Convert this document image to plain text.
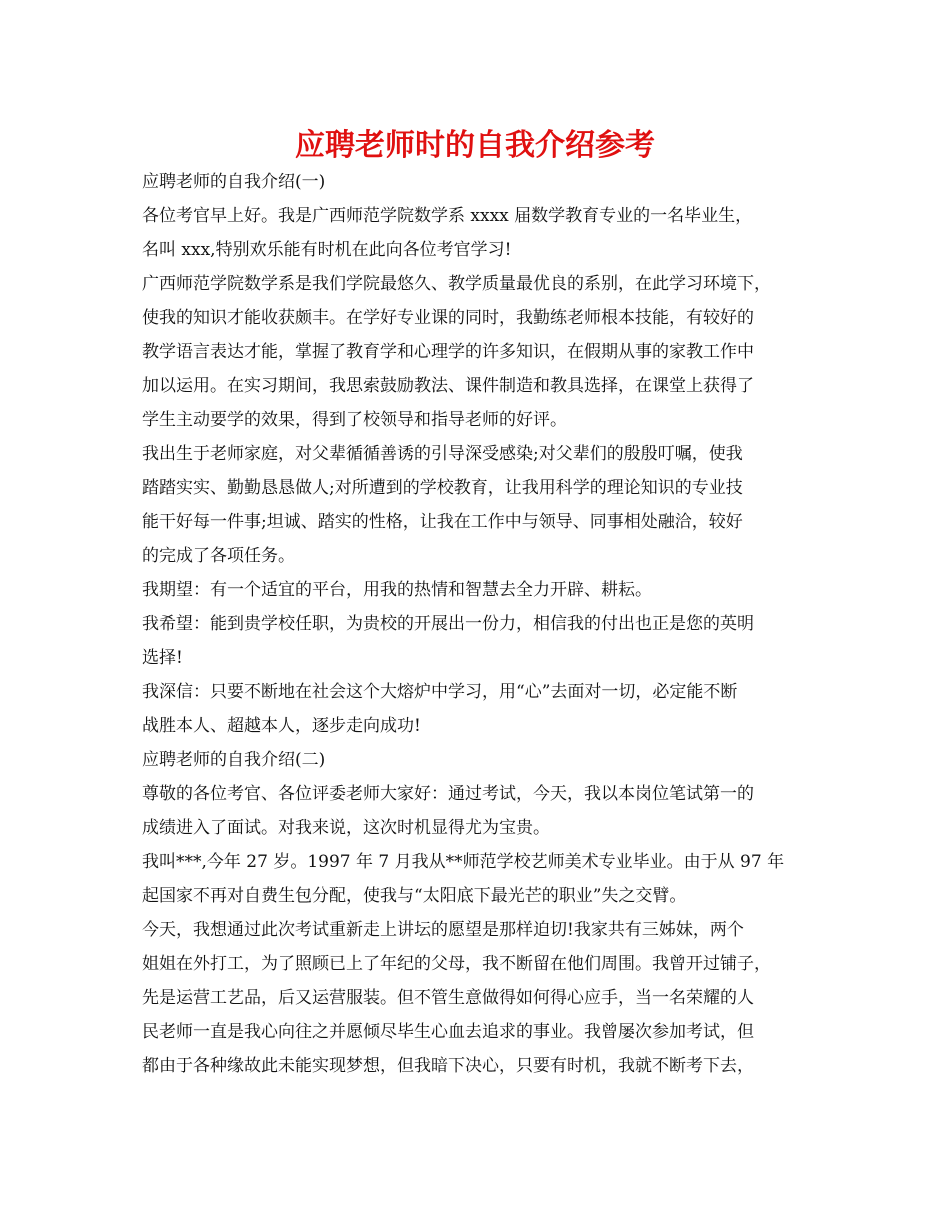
应聘老师时的自我介绍参考

应聘老师的自我介绍(一)

各位考官早上好。我是广西师范学院数学系 xxxx 届数学教育专业的一名毕业生，

名叫 xxx,特别欢乐能有时机在此向各位考官学习!

广西师范学院数学系是我们学院最悠久、教学质量最优良的系别，在此学习环境下，

使我的知识才能收获颇丰。在学好专业课的同时，我勤练老师根本技能，有较好的

教学语言表达才能，掌握了教育学和心理学的许多知识，在假期从事的家教工作中

加以运用。在实习期间，我思索鼓励教法、课件制造和教具选择，在课堂上获得了

学生主动要学的效果，得到了校领导和指导老师的好评。

我出生于老师家庭，对父辈循循善诱的引导深受感染;对父辈们的殷殷叮嘱，使我

踏踏实实、勤勤恳恳做人;对所遭到的学校教育，让我用科学的理论知识的专业技

能干好每一件事;坦诚、踏实的性格，让我在工作中与领导、同事相处融洽，较好

的完成了各项任务。

我期望：有一个适宜的平台，用我的热情和智慧去全力开辟、耕耘。

我希望：能到贵学校任职，为贵校的开展出一份力，相信我的付出也正是您的英明

选择!

我深信：只要不断地在社会这个大熔炉中学习，用“心”去面对一切，必定能不断

战胜本人、超越本人，逐步走向成功!

应聘老师的自我介绍(二)

尊敬的各位考官、各位评委老师大家好：通过考试，今天，我以本岗位笔试第一的

成绩进入了面试。对我来说，这次时机显得尤为宝贵。

我叫***,今年 27 岁。1997 年 7 月我从**师范学校艺师美术专业毕业。由于从 97 年

起国家不再对自费生包分配，使我与“太阳底下最光芒的职业”失之交臂。

今天，我想通过此次考试重新走上讲坛的愿望是那样迫切!我家共有三姊妹，两个

姐姐在外打工，为了照顾已上了年纪的父母，我不断留在他们周围。我曾开过铺子，

先是运营工艺品，后又运营服装。但不管生意做得如何得心应手，当一名荣耀的人

民老师一直是我心向往之并愿倾尽毕生心血去追求的事业。我曾屡次参加考试，但

都由于各种缘故此未能实现梦想，但我暗下决心，只要有时机，我就不断考下去，
